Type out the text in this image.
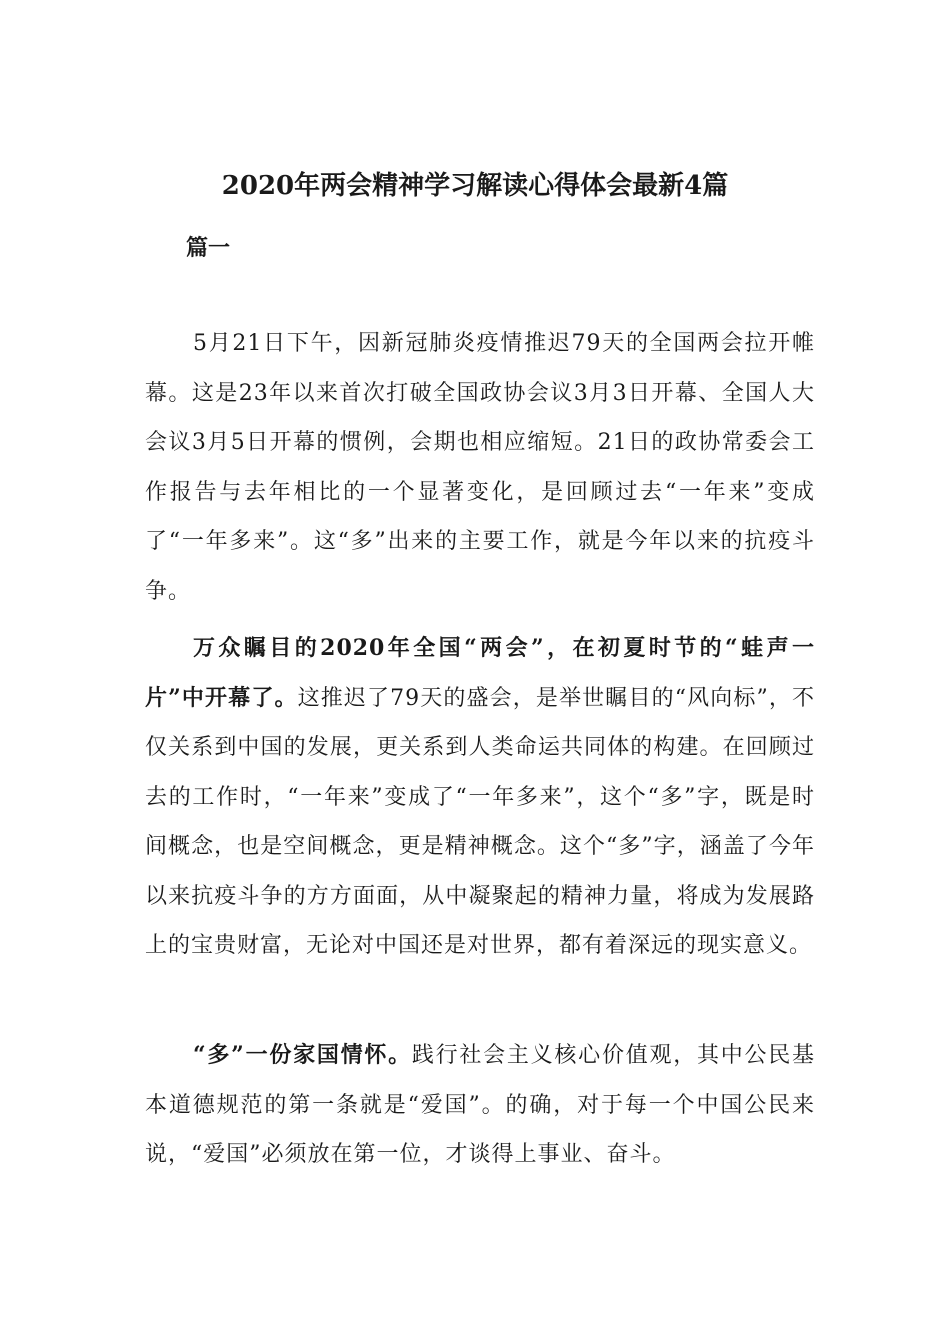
2020年两会精神学习解读心得体会最新4篇
篇一

5月21日下午，因新冠肺炎疫情推迟79天的全国两会拉开帷幕。这是23年以来首次打破全国政协会议3月3日开幕、全国人大会议3月5日开幕的惯例，会期也相应缩短。21日的政协常委会工作报告与去年相比的一个显著变化，是回顾过去“一年来”变成了“一年多来”。这“多”出来的主要工作，就是今年以来的抗疫斗争。

万众瞩目的2020年全国“两会”，在初夏时节的“蛙声一片”中开幕了。这推迟了79天的盛会，是举世瞩目的“风向标”，不仅关系到中国的发展，更关系到人类命运共同体的构建。在回顾过去的工作时，“一年来”变成了“一年多来”，这个“多”字，既是时间概念，也是空间概念，更是精神概念。这个“多”字，涵盖了今年以来抗疫斗争的方方面面，从中凝聚起的精神力量，将成为发展路上的宝贵财富，无论对中国还是对世界，都有着深远的现实意义。

“多”一份家国情怀。践行社会主义核心价值观，其中公民基本道德规范的第一条就是“爱国”。的确，对于每一个中国公民来说，“爱国”必须放在第一位，才谈得上事业、奋斗。
